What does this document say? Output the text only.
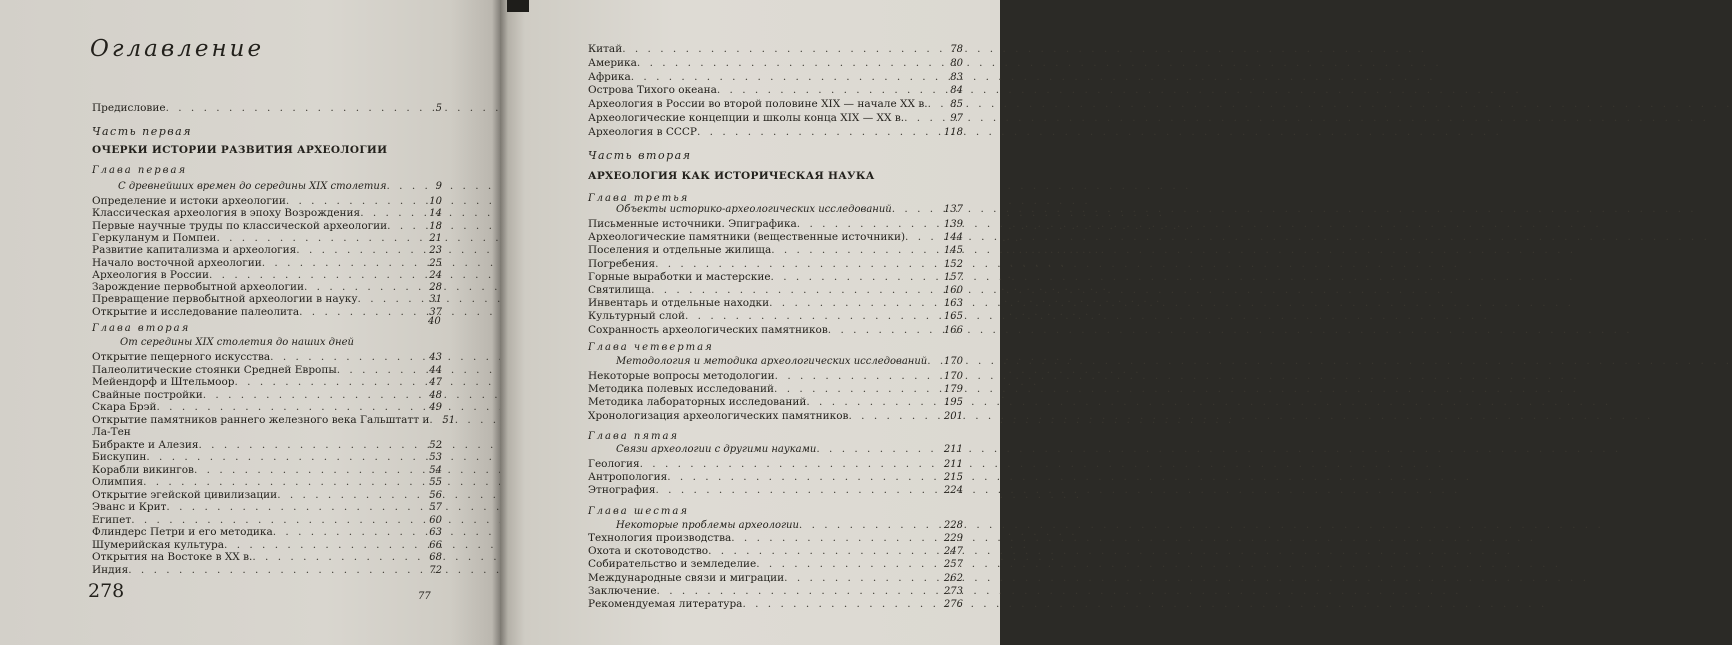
Оглавление
Предисловие . . .	5
Часть первая
ОЧЕРКИ ИСТОРИИ РАЗВИТИЯ АРХЕОЛОГИИ
Глава первая
С древнейших времен до середины XIX столетия . . .	9
Определение и истоки археологии . . .	10
Классическая археология в эпоху Возрождения . . .	14
Первые научные труды по классической археологии . . .	18
Геркуланум и Помпеи . . .	21
Развитие капитализма и археология . . .	23
Начало восточной археологии . . .	25
Археология в России . . .	24
Зарождение первобытной археологии . . .	28
Превращение первобытной археологии в науку . . .	31
Открытие и исследование палеолита . . .	37
40
Глава вторая
От середины XIX столетия до наших дней
Открытие пещерного искусства . . .	43
Палеолитические стоянки Средней Европы . . .	44
Мейендорф и Штельмоор . . .	47
Свайные постройки . . .	48
Скара Брэй . . .	49
Открытие памятников раннего железного века Гальштатт и . . .	51
Ла-Тен
Бибракте и Алезия . . .	52
Бискупин . . .	53
Корабли викингов . . .	54
Олимпия . . .	55
Открытие эгейской цивилизации . . .	56
Эванс и Крит . . .	57
Египет . . .	60
Флиндерс Петри и его методика . . .	63
Шумерийская культура . . .	66
Открытия на Востоке в XX в. . . .	68
Индия . . .	72
77
278
Китай . . .	78
Америка . . .	80
Африка . . .	83
Острова Тихого океана . . .	84
Археология в России во второй половине XIX — начале XX в. . . .	85
Археологические концепции и школы конца XIX — XX в. . . .	97
Археология в СССР . . .	118
Часть вторая
АРХЕОЛОГИЯ КАК ИСТОРИЧЕСКАЯ НАУКА
Глава третья
Объекты историко-археологических исследований . . .	137
Письменные источники. Эпиграфика . . .	139
Археологические памятники (вещественные источники) . . .	144
Поселения и отдельные жилища . . .	145
Погребения . . .	152
Горные выработки и мастерские . . .	157
Святилища . . .	160
Инвентарь и отдельные находки . . .	163
Культурный слой . . .	165
Сохранность археологических памятников . . .	166
Глава четвертая
Методология и методика археологических исследований . . .	170
Некоторые вопросы методологии . . .	170
Методика полевых исследований . . .	179
Методика лабораторных исследований . . .	195
Хронологизация археологических памятников . . .	201
Глава пятая
Связи археологии с другими науками . . .	211
Геология . . .	211
Антропология . . .	215
Этнография . . .	224
Глава шестая
Некоторые проблемы археологии . . .	228
Технология производства . . .	229
Охота и скотоводство . . .	247
Собирательство и земледелие . . .	257
Международные связи и миграции . . .	262
Заключение . . .	273
Рекомендуемая литература . . .	276
